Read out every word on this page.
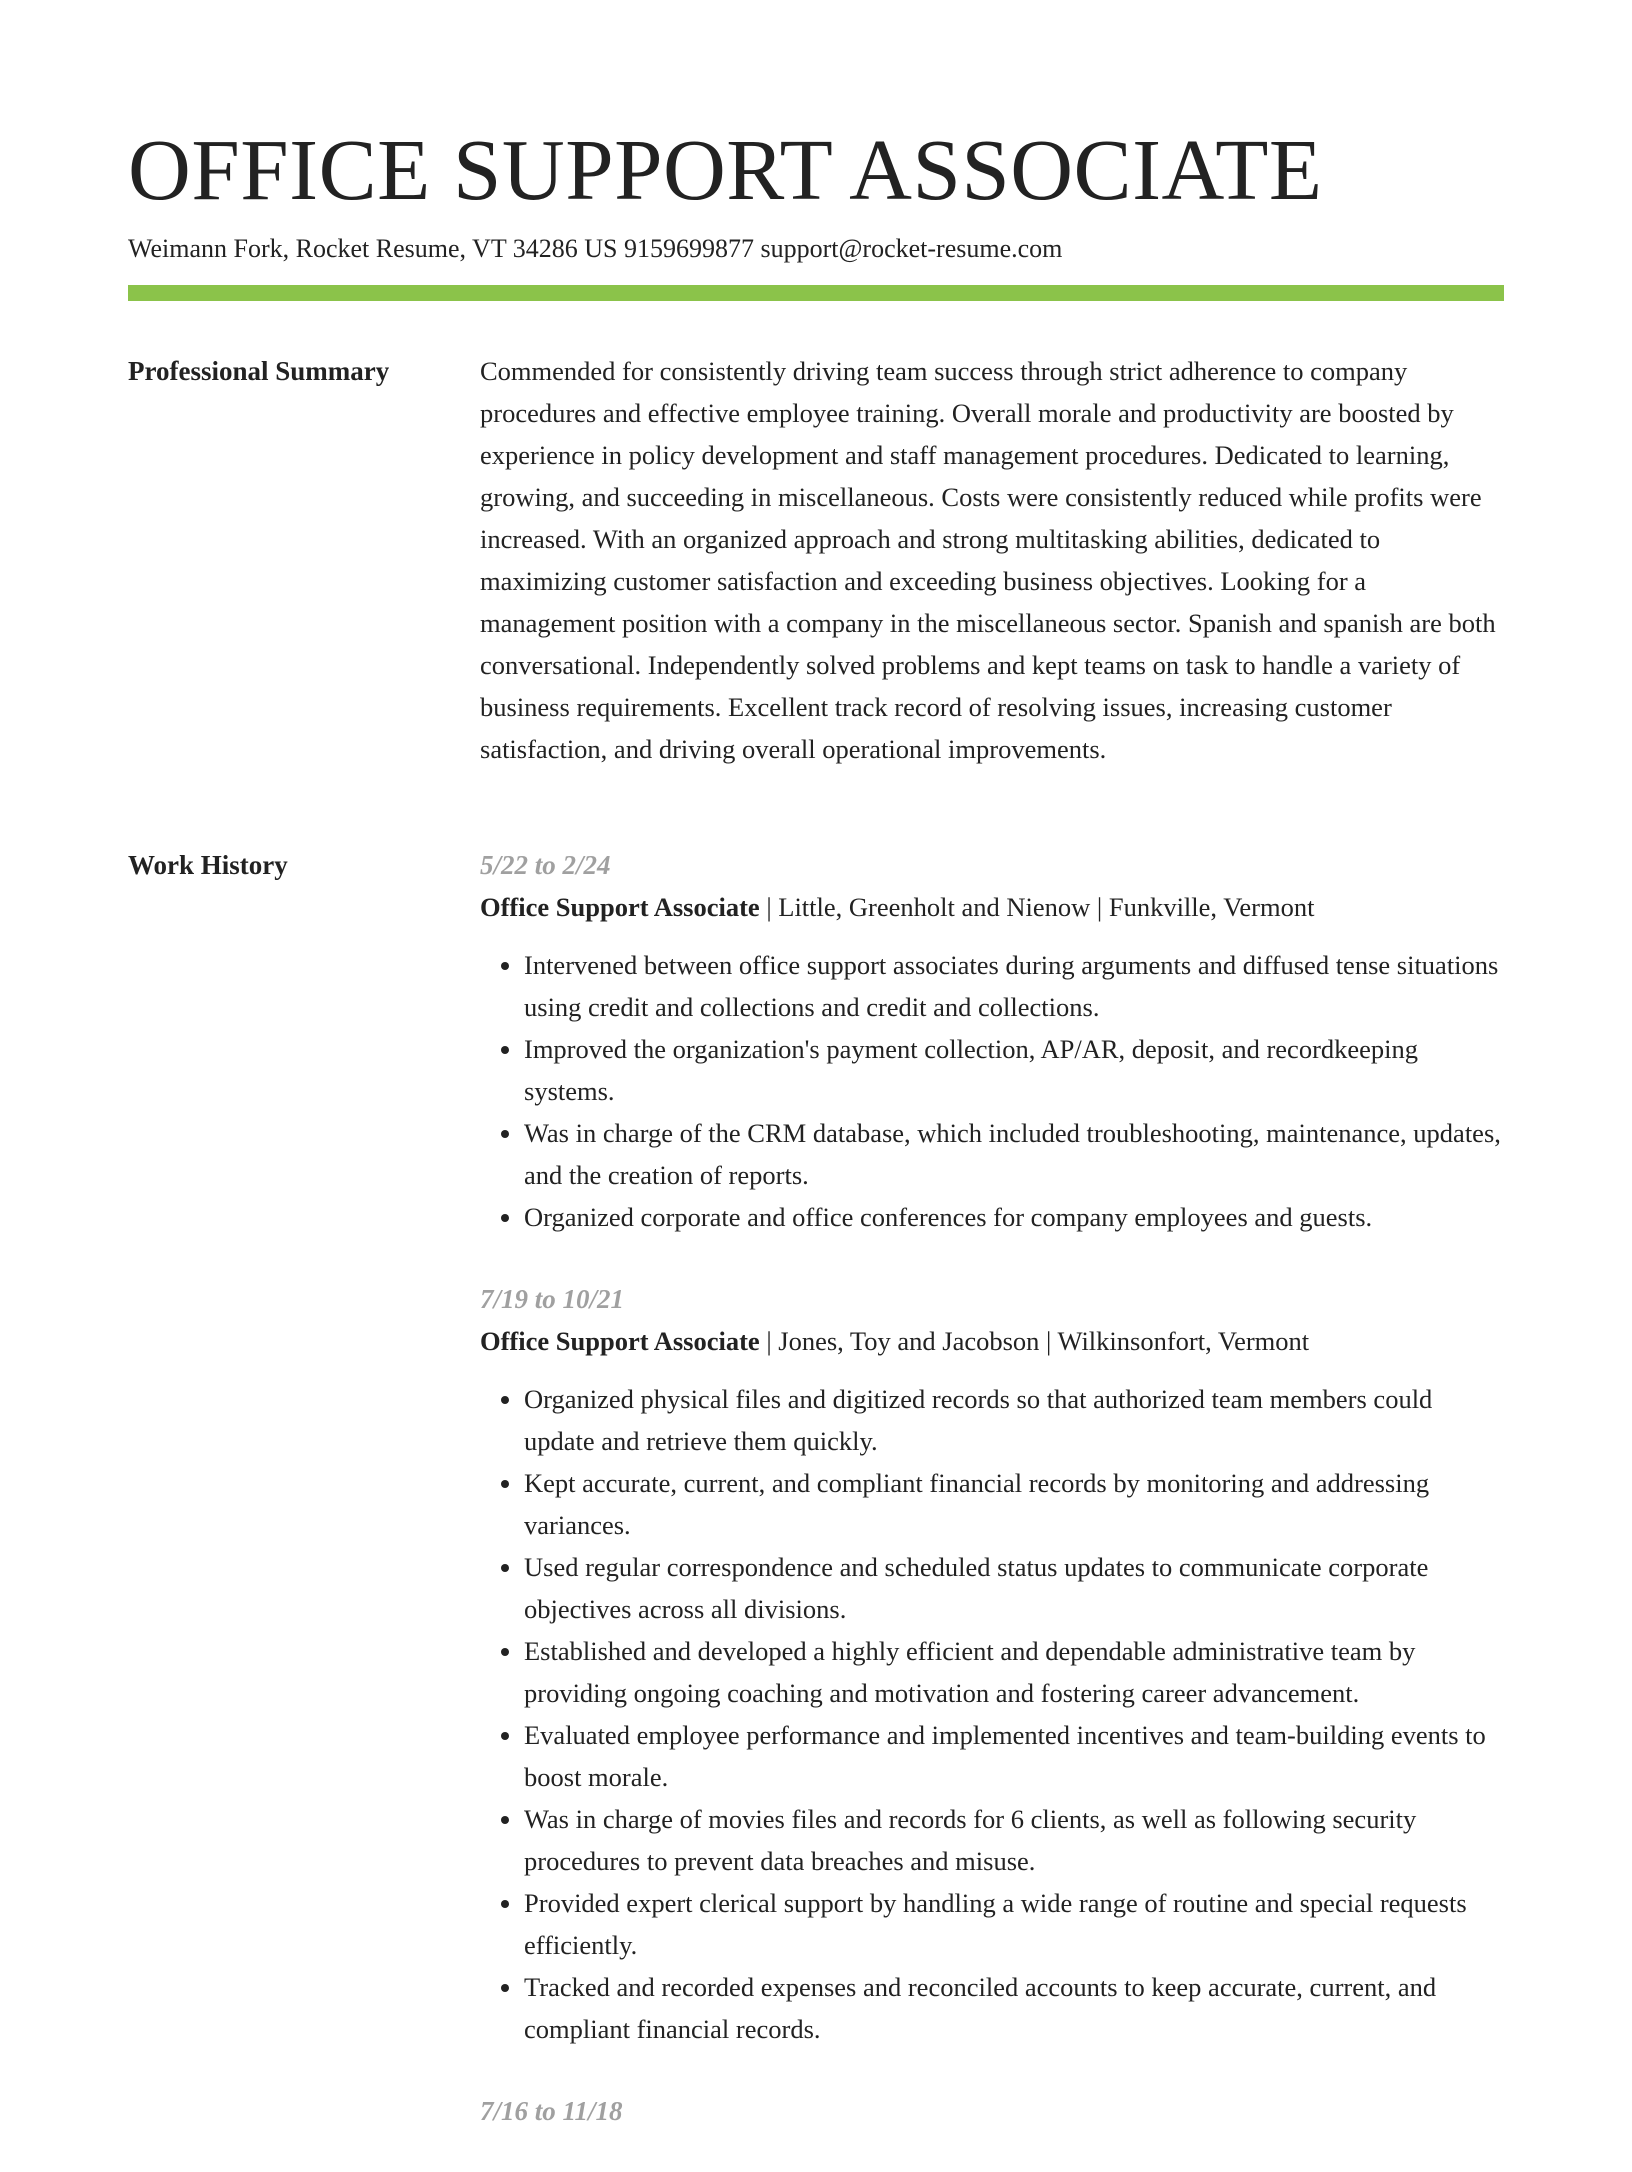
OFFICE SUPPORT ASSOCIATE
Weimann Fork, Rocket Resume, VT 34286 US 9159699877 support@rocket-resume.com
Professional Summary	Commended for consistently driving team success through strict adherence to company procedures and effective employee training. Overall morale and productivity are boosted by experience in policy development and staff management procedures. Dedicated to learning, growing, and succeeding in miscellaneous. Costs were consistently reduced while profits were increased. With an organized approach and strong multitasking abilities, dedicated to maximizing customer satisfaction and exceeding business objectives. Looking for a management position with a company in the miscellaneous sector. Spanish and spanish are both conversational. Independently solved problems and kept teams on task to handle a variety of business requirements. Excellent track record of resolving issues, increasing customer satisfaction, and driving overall operational improvements.

Work History	5/22 to 2/24
Office Support Associate | Little, Greenholt and Nienow | Funkville, Vermont
• Intervened between office support associates during arguments and diffused tense situations using credit and collections and credit and collections.
• Improved the organization's payment collection, AP/AR, deposit, and recordkeeping systems.
• Was in charge of the CRM database, which included troubleshooting, maintenance, updates, and the creation of reports.
• Organized corporate and office conferences for company employees and guests.
7/19 to 10/21
Office Support Associate | Jones, Toy and Jacobson | Wilkinsonfort, Vermont
• Organized physical files and digitized records so that authorized team members could update and retrieve them quickly.
• Kept accurate, current, and compliant financial records by monitoring and addressing variances.
• Used regular correspondence and scheduled status updates to communicate corporate objectives across all divisions.
• Established and developed a highly efficient and dependable administrative team by providing ongoing coaching and motivation and fostering career advancement.
• Evaluated employee performance and implemented incentives and team-building events to boost morale.
• Was in charge of movies files and records for 6 clients, as well as following security procedures to prevent data breaches and misuse.
• Provided expert clerical support by handling a wide range of routine and special requests efficiently.
• Tracked and recorded expenses and reconciled accounts to keep accurate, current, and compliant financial records.
7/16 to 11/18
